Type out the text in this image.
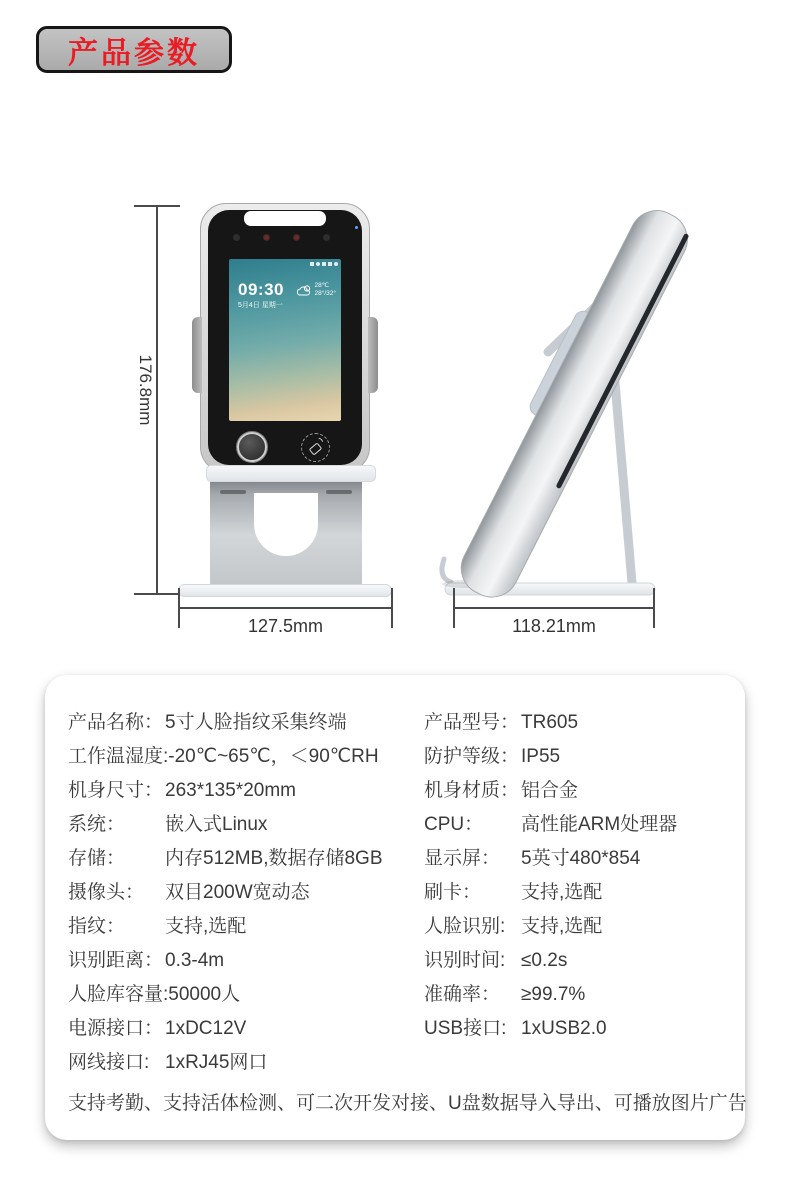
产品参数
176.8mm
09:30
5月4日 星期一
28℃
28°/32°
127.5mm	118.21mm
产品名称： 5寸人脸指纹采集终端
工作温湿度: -20℃~65℃，＜90℃RH
机身尺寸： 263*135*20mm
系统：	嵌入式Linux
存储：	内存512MB,数据存储8GB
摄像头：	双目200W宽动态
指纹：	支持,选配
识别距离： 0.3-4m
人脸库容量: 50000人
电源接口： 1xDC12V
网线接口: 1xRJ45网口
产品型号： TR605
防护等级： IP55
机身材质： 铝合金
CPU：	高性能ARM处理器
显示屏：	5英寸480*854
刷卡：	支持,选配
人脸识别: 支持,选配
识别时间: ≤0.2s
准确率：	≥99.7%
USB接口: 1xUSB2.0
支持考勤、支持活体检测、可二次开发对接、U盘数据导入导出、可播放图片广告
